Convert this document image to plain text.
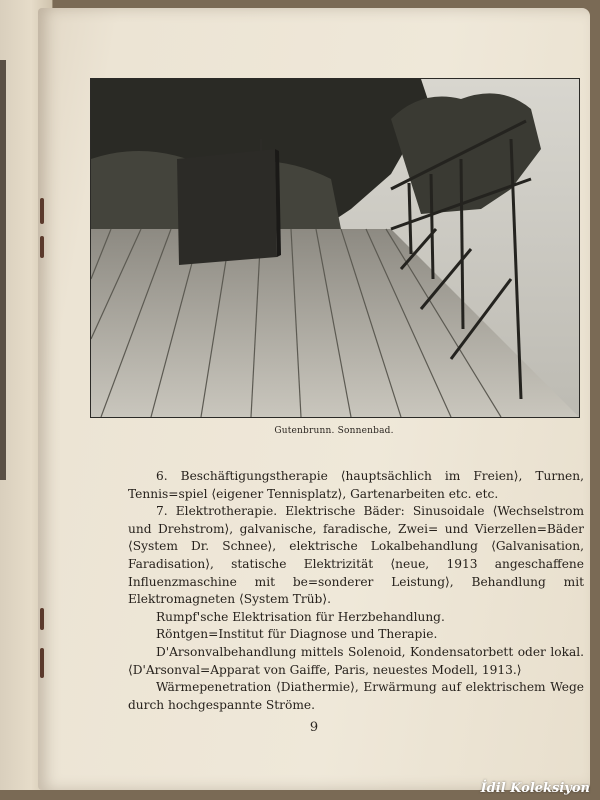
Gutenbrunn. Sonnenbad.

6. Beschäftigungstherapie ⟨hauptsächlich im Freien⟩, Turnen, Tennis=spiel ⟨eigener Tennisplatz⟩, Gartenarbeiten etc. etc.

7. Elektrotherapie. Elektrische Bäder: Sinusoidale ⟨Wechselstrom und Drehstrom⟩, galvanische, faradische, Zwei= und Vierzellen=Bäder ⟨System Dr. Schnee⟩, elektrische Lokalbehandlung ⟨Galvanisation, Faradisation⟩, statische Elektrizität ⟨neue, 1913 angeschaffene Influenzmaschine mit be=sonderer Leistung⟩, Behandlung mit Elektromagneten ⟨System Trüb⟩.

Rumpf'sche Elektrisation für Herzbehandlung.

Röntgen=Institut für Diagnose und Therapie.

D'Arsonvalbehandlung mittels Solenoid, Kondensatorbett oder lokal. ⟨D'Arsonval=Apparat von Gaiffe, Paris, neuestes Modell, 1913.⟩

Wärmepenetration ⟨Diathermie⟩, Erwärmung auf elektrischem Wege durch hochgespannte Ströme.

9
İdil Koleksiyon
